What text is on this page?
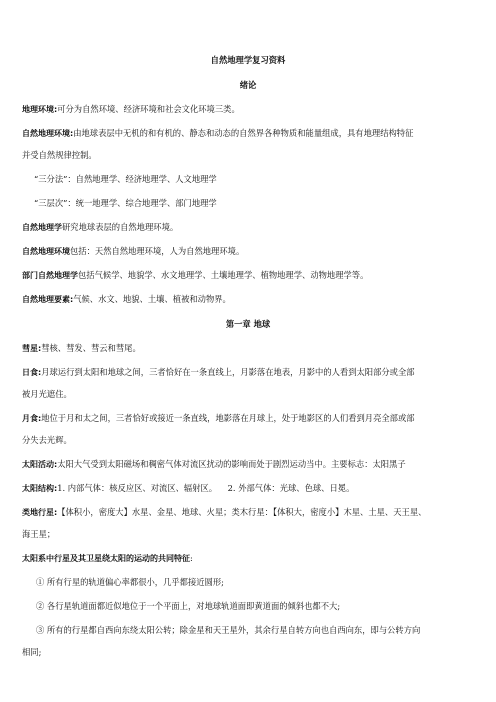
自然地理学复习资料
绪论
地理环境:可分为自然环境、经济环境和社会文化环境三类。
自然地理环境:由地球表层中无机的和有机的、静态和动态的自然界各种物质和能量组成，具有地理结构特征
并受自然规律控制。
“三分法”：自然地理学、经济地理学、人文地理学
“三层次”：统一地理学、综合地理学、部门地理学
自然地理学研究地球表层的自然地理环境。
自然地理环境包括：天然自然地理环境，人为自然地理环境。
部门自然地理学包括气候学、地貌学、水文地理学、土壤地理学、植物地理学、动物地理学等。
自然地理要素:气候、水文、地貌、土壤、植被和动物界。
第一章 地球
彗星:彗核、彗发、彗云和彗尾。
日食:月球运行到太阳和地球之间，三者恰好在一条直线上，月影落在地表，月影中的人看到太阳部分或全部
被月光遮住。
月食:地位于月和太之间，三者恰好或接近一条直线，地影落在月球上，处于地影区的人们看到月亮全部或部
分失去光辉。
太阳活动:太阳大气受到太阳磁场和稠密气体对流区扰动的影响而处于剧烈运动当中。主要标志：太阳黑子
太阳结构:1. 内部气体：核反应区、对流区、辐射区。    2. 外部气体：光球、色球、日冕。
类地行星:【体积小，密度大】水星、金星、地球、火星；类木行星：【体积大，密度小】木星、土星、天王星、
海王星；
太阳系中行星及其卫星绕太阳的运动的共同特征:
① 所有行星的轨道偏心率都很小，几乎都接近圆形;
② 各行星轨道面都近似地位于一个平面上，对地球轨道面即黄道面的倾斜也都不大;
③ 所有的行星都自西向东绕太阳公转；除金星和天王星外，其余行星自转方向也自西向东，即与公转方向
相同;
